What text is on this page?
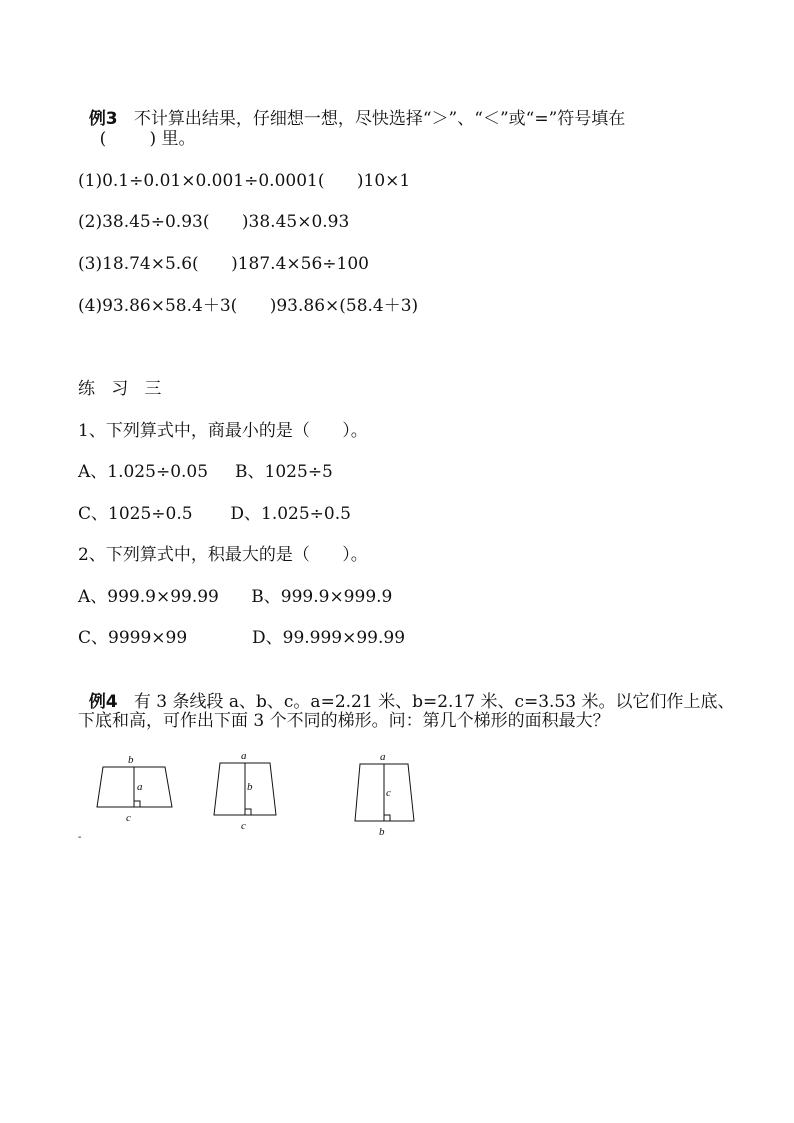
例3   不计算出结果，仔细想一想，尽快选择“＞”、“＜”或“=”符号填在

(        ) 里。
(1)0.1÷0.01×0.001÷0.0001(      )10×1
(2)38.45÷0.93(      )38.45×0.93
(3)18.74×5.6(      )187.4×56÷100
(4)93.86×58.4＋3(      )93.86×(58.4＋3)
练   习   三
1、下列算式中，商最小的是（      ）。
A、1.025÷0.05     B、1025÷5
C、1025÷0.5       D、1.025÷0.5
2、下列算式中，积最大的是（      ）。
A、999.9×99.99      B、999.9×999.9
C、9999×99            D、99.999×99.99

例4   有 3 条线段 a、b、c。a=2.21 米、b=2.17 米、c=3.53 米。以它们作上底、

下底和高，可作出下面 3 个不同的梯形。问：第几个梯形的面积最大？
b
a
c
a
b
c
a
c
b
-
